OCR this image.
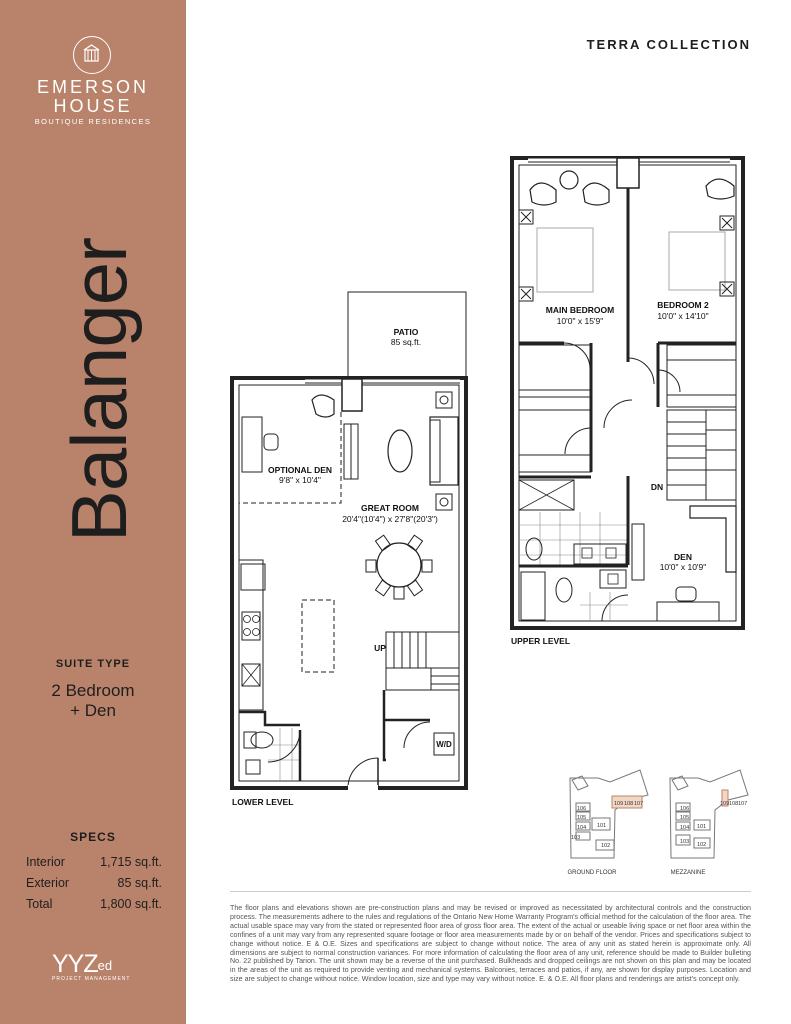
EMERSON
HOUSE
BOUTIQUE RESIDENCES
Balanger
SUITE TYPE
2 Bedroom
+ Den
SPECS
Interior	1,715 sq.ft.
Exterior	85 sq.ft.
Total	1,800 sq.ft.
$YYZ_{ed}$
PROJECT MANAGEMENT
TERRA COLLECTION
PATIO
85 sq.ft.
OPTIONAL DEN
9'8" x 10'4"
GREAT ROOM
20'4"(10'4") x 27'8"(20'3")
UP
W/D
LOWER LEVEL
MAIN BEDROOM
10'0" x 15'9"
BEDROOM 2
10'0" x 14'10"
DN
DEN
10'0" x 10'9"
UPPER LEVEL
106
105
104
103
101
102
109 108 107
GROUND FLOOR
106
105
104
103
101
102
109 108 107
MEZZANINE
The floor plans and elevations shown are pre-construction plans and may be revised or improved as necessitated by architectural controls and the construction process. The measurements adhere to the rules and regulations of the Ontario New Home Warranty Program's official method for the calculation of the floor area. The actual usable space may vary from the stated or represented floor area of gross floor area. The extent of the actual or useable living space or net floor area within the confines of a unit may vary from any represented square footage or floor area measurements made by or on behalf of the vendor. Prices and specifications subject to change without notice. E & O.E. Sizes and specifications are subject to change without notice. The area of any unit as stated herein is approximate only. All dimensions are subject to normal construction variances. For more information of calculating the floor area of any unit, reference should be made to Builder bulleting No. 22 published by Tarion. The unit shown may be a reverse of the unit purchased. Bulkheads and dropped ceilings are not shown on this plan and may be located in the areas of the unit as required to provide venting and mechanical systems. Balconies, terraces and patios, if any, are shown for display purposes. Location and size are subject to change without notice. Window location, size and type may vary without notice. E. & O.E. All floor plans and renderings are artist's concept only.
